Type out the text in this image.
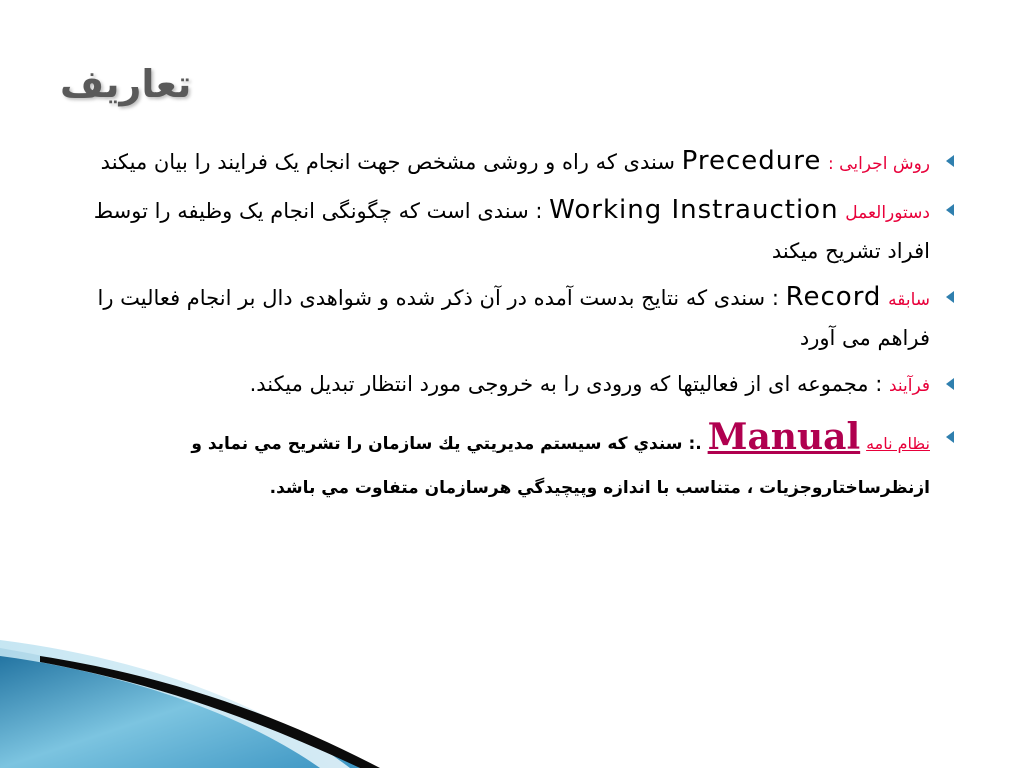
تعاریف
روش اجرایی : Precedure سندی که راه و روشی مشخص جهت انجام یک فرایند را بیان میکند
دستورالعمل Working Instrauction : سندی است که چگونگی انجام یک وظیفه را توسط افراد تشریح میکند
سابقه Record : سندی که نتایج بدست آمده در آن ذکر شده و شواهدی دال بر انجام فعالیت را فراهم می آورد
فرآیند : مجموعه ای از فعالیتها که ورودی را به خروجی مورد انتظار تبدیل میکند.
نظام نامه Manual .: سندي كه سيستم مديريتي يك سازمان را تشريح مي نمايد و ازنظرساختاروجزيات ، متناسب با اندازه وپيچيدگي هرسازمان متفاوت مي باشد.
